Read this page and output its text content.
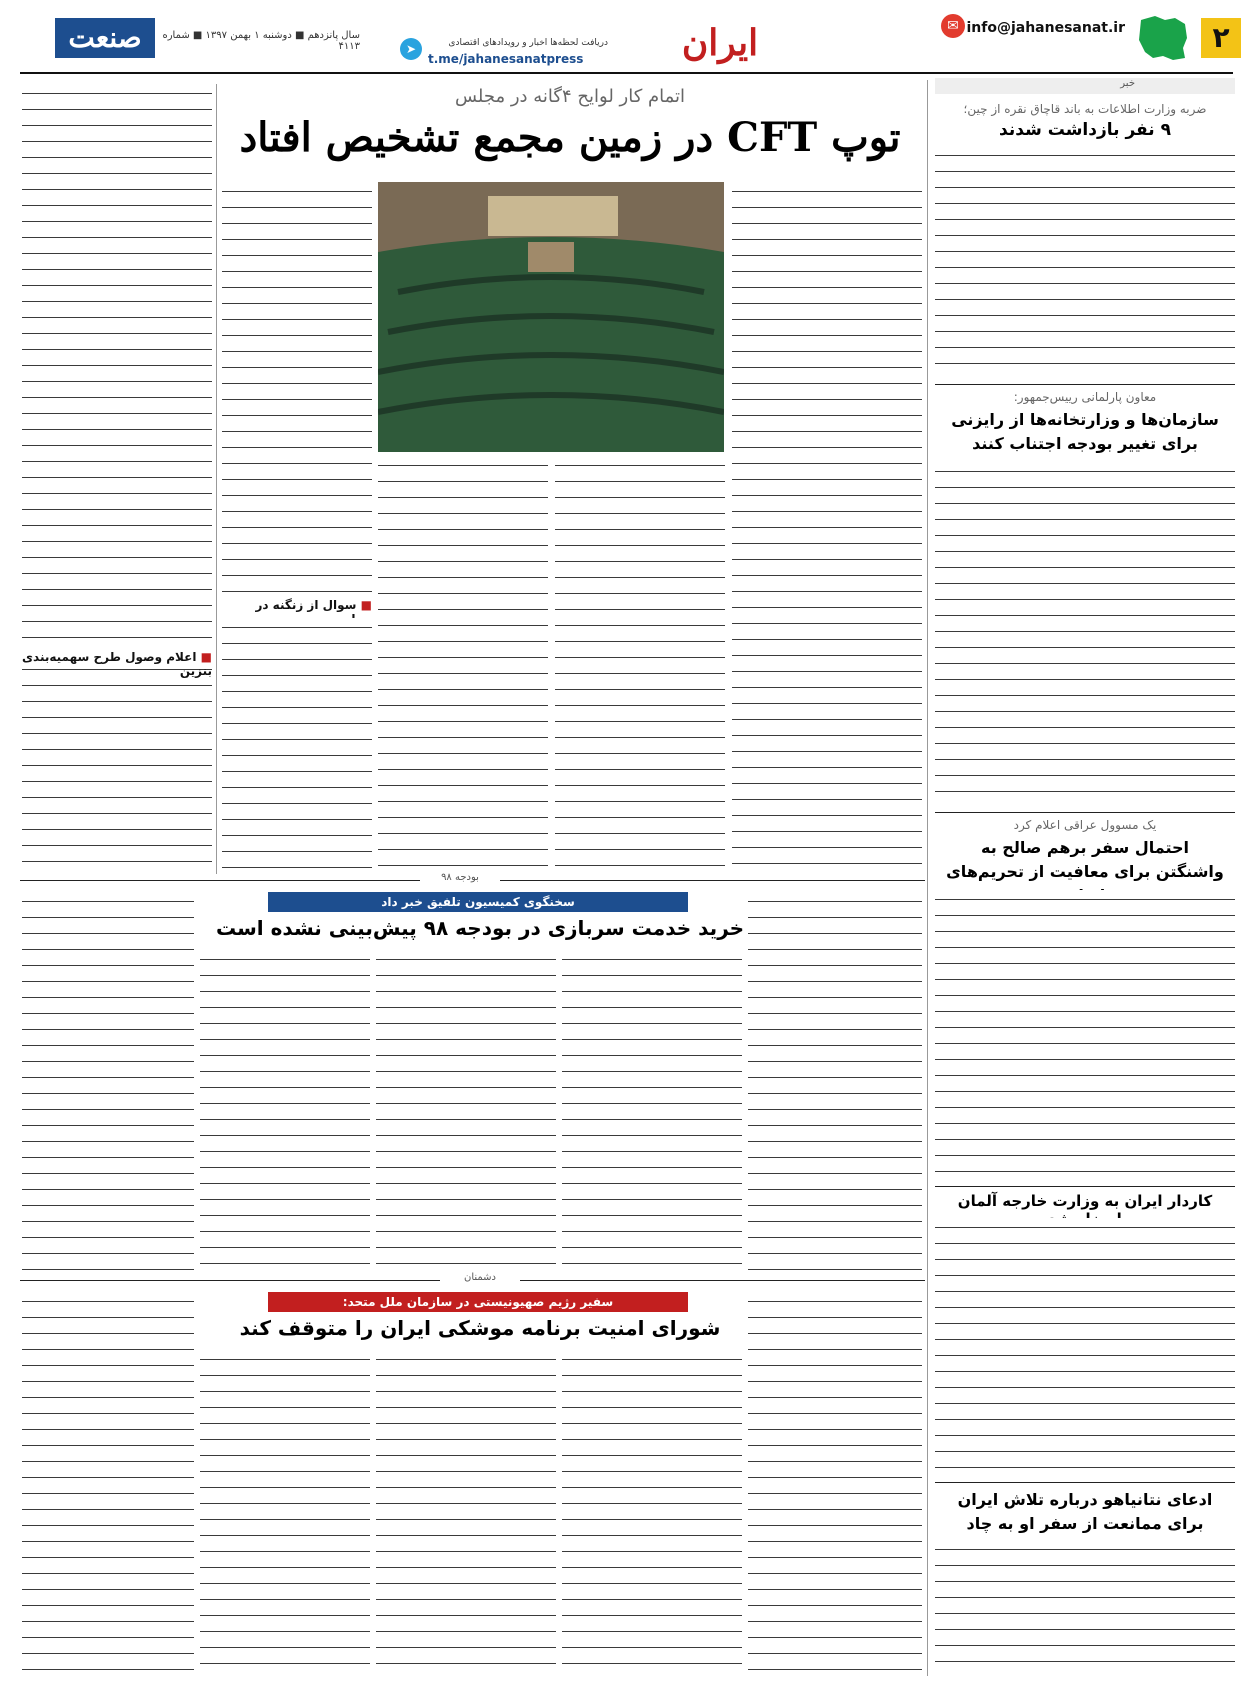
۲
info@jahanesanat.ir
✉
ایران
➤	دریافت لحظه‌ها اخبار و رویدادهای اقتصادی
t.me/jahanesanatpress
سال پانزدهم ■ دوشنبه ۱ بهمن ۱۳۹۷ ■ شماره ۴۱۱۳
صنعت
خبر
ضربه وزارت اطلاعات به باند قاچاق نقره از چین؛
۹ نفر بازداشت شدند
معاون پارلمانی رییس‌جمهور:
سازمان‌ها و وزارتخانه‌ها از رایزنی برای تغییر بودجه اجتناب کنند
یک مسوول عراقی اعلام کرد
احتمال سفر برهم صالح به واشنگتن برای معافیت از تحریم‌های
کاردار ایران به وزارت خارجه آلمان
ادعای نتانیاهو درباره تلاش ایران برای ممانعت از سفر او به چاد
اتمام کار لوایح ۴گانه در مجلس
توپ CFT در زمین مجمع تشخیص افتاد
■ سوال از زنگنه در
■ اعلام وصول طرح سهمیه‌بندی بنزین
بودجه ۹۸
سخنگوی کمیسیون تلفیق خبر داد
خرید خدمت سربازی در بودجه ۹۸ پیش‌بینی نشده است
دشمنان
سفیر رژیم صهیونیستی در سازمان ملل متحد:
شورای امنیت برنامه موشکی ایران را متوقف کند
